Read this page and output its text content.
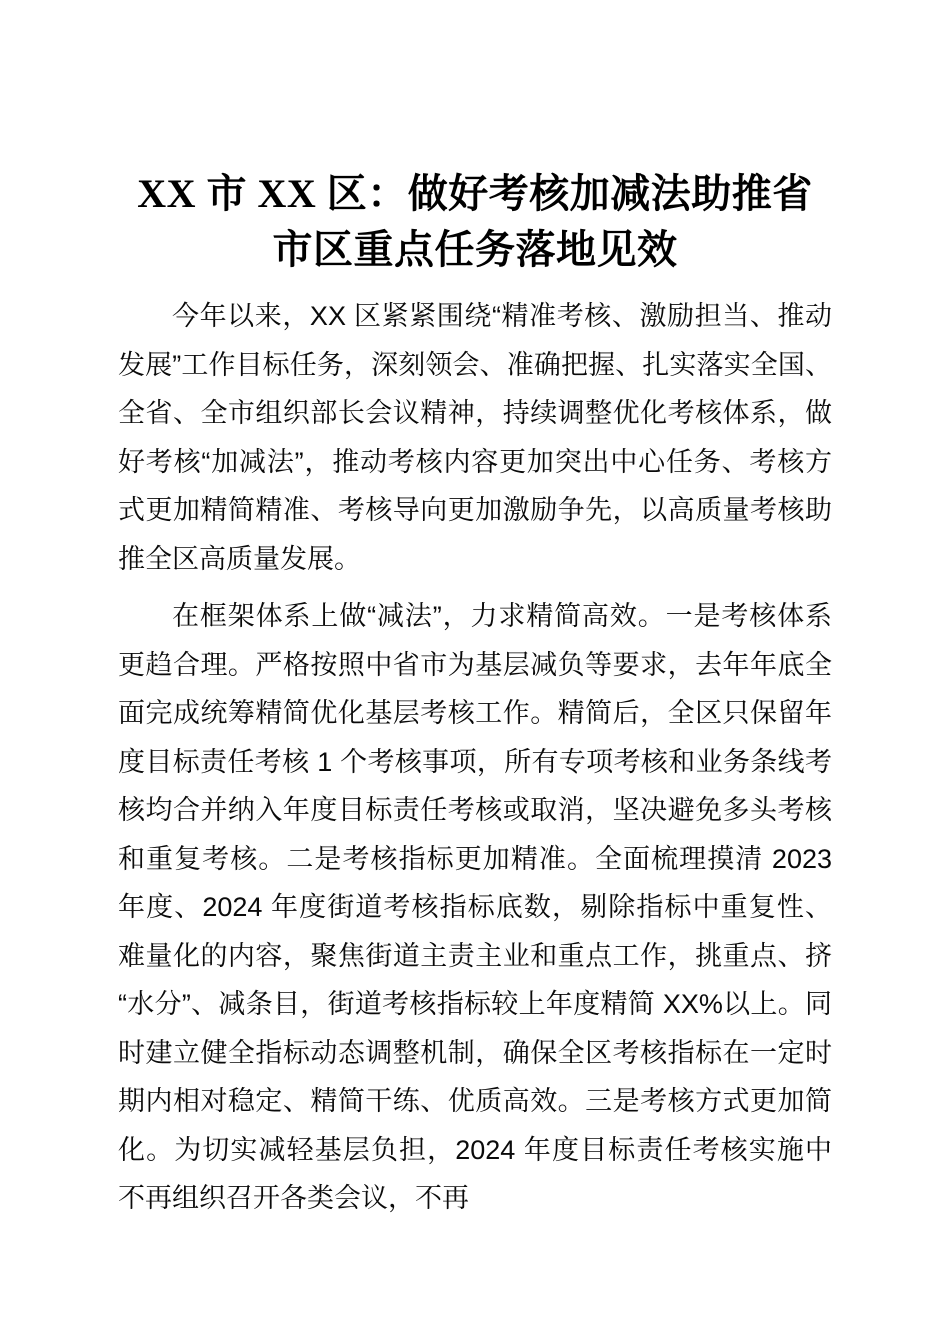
XX 市 XX 区：做好考核加减法助推省市区重点任务落地见效

今年以来，XX 区紧紧围绕“精准考核、激励担当、推动发展”工作目标任务，深刻领会、准确把握、扎实落实全国、全省、全市组织部长会议精神，持续调整优化考核体系，做好考核“加减法”，推动考核内容更加突出中心任务、考核方式更加精简精准、考核导向更加激励争先，以高质量考核助推全区高质量发展。

在框架体系上做“减法”，力求精简高效。一是考核体系更趋合理。严格按照中省市为基层减负等要求，去年年底全面完成统筹精简优化基层考核工作。精简后，全区只保留年度目标责任考核 1 个考核事项，所有专项考核和业务条线考核均合并纳入年度目标责任考核或取消，坚决避免多头考核和重复考核。二是考核指标更加精准。全面梳理摸清 2023 年度、2024 年度街道考核指标底数，剔除指标中重复性、难量化的内容，聚焦街道主责主业和重点工作，挑重点、挤“水分”、减条目，街道考核指标较上年度精简 XX%以上。同时建立健全指标动态调整机制，确保全区考核指标在一定时期内相对稳定、精简干练、优质高效。三是考核方式更加简化。为切实减轻基层负担，2024 年度目标责任考核实施中不再组织召开各类会议，不再
